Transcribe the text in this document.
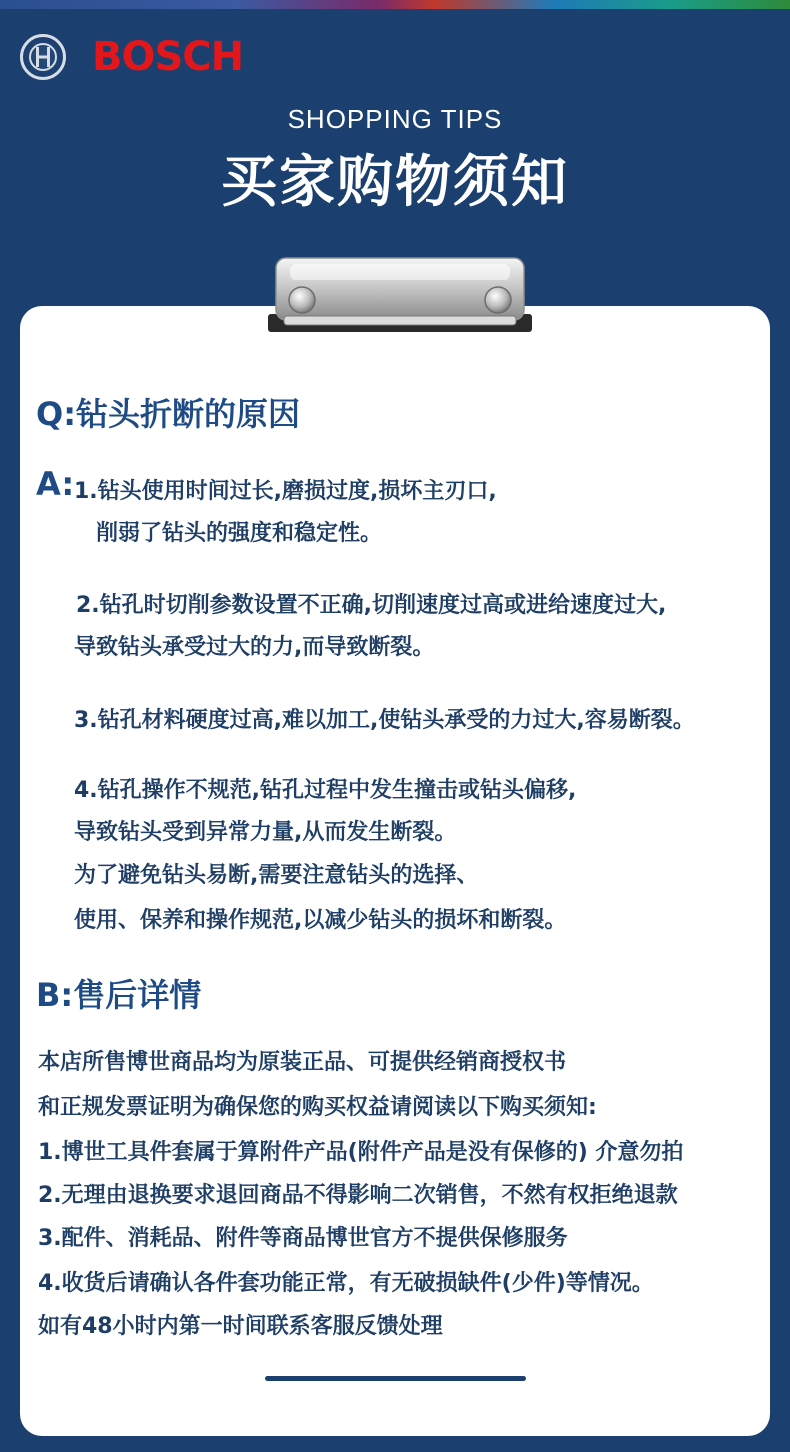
BOSCH
SHOPPING TIPS
买家购物须知
Q:钻头折断的原因
A: 1.钻头使用时间过长,磨损过度,损坏主刃口,
削弱了钻头的强度和稳定性。
2.钻孔时切削参数设置不正确,切削速度过高或进给速度过大,
导致钻头承受过大的力,而导致断裂。
3.钻孔材料硬度过高,难以加工,使钻头承受的力过大,容易断裂。
4.钻孔操作不规范,钻孔过程中发生撞击或钻头偏移,
导致钻头受到异常力量,从而发生断裂。
为了避免钻头易断,需要注意钻头的选择、
使用、保养和操作规范,以减少钻头的损坏和断裂。
B:售后详情
本店所售博世商品均为原装正品、可提供经销商授权书
和正规发票证明为确保您的购买权益请阅读以下购买须知:
1.博世工具件套属于算附件产品(附件产品是没有保修的) 介意勿拍
2.无理由退换要求退回商品不得影响二次销售，不然有权拒绝退款
3.配件、消耗品、附件等商品博世官方不提供保修服务
4.收货后请确认各件套功能正常，有无破损缺件(少件)等情况。
如有48小时内第一时间联系客服反馈处理
